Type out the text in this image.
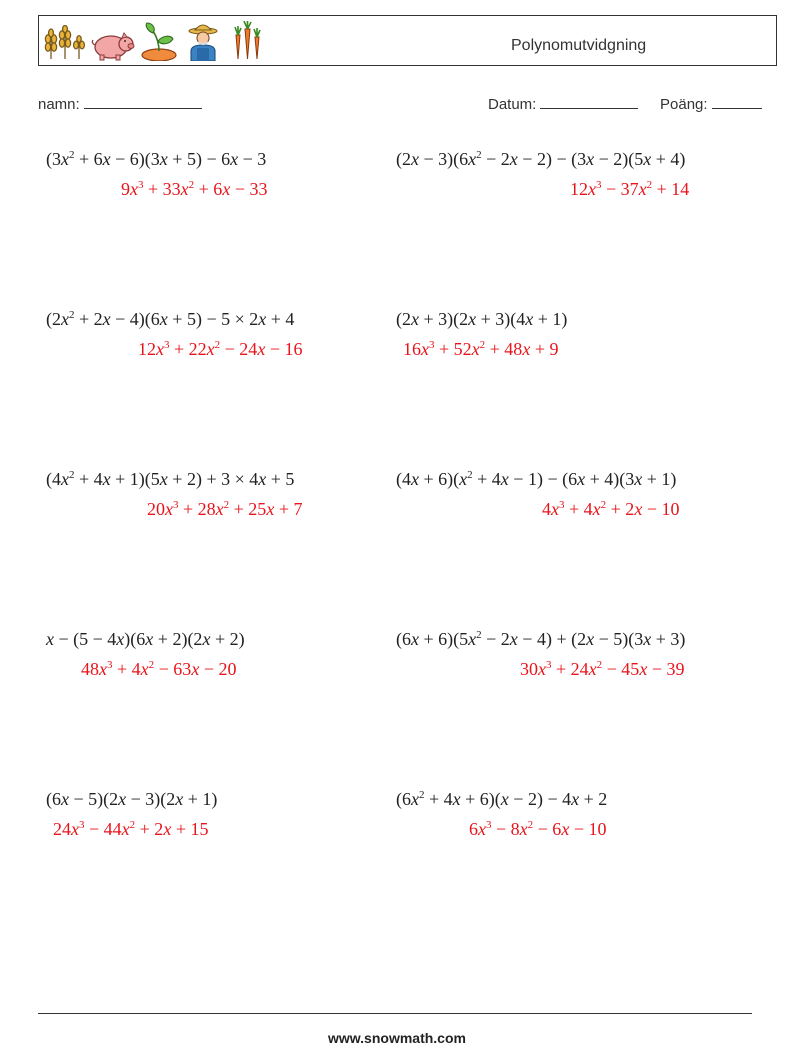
Polynomutvidgning
namn:	Datum:	Poäng:
$(3x^2 + 6x - 6)(3x + 5) - 6x - 3$
$9x^3 + 33x^2 + 6x - 33$
$(2x - 3)(6x^2 - 2x - 2) - (3x - 2)(5x + 4)$
$12x^3 - 37x^2 + 14$
$(2x^2 + 2x - 4)(6x + 5) - 5 \times 2x + 4$
$12x^3 + 22x^2 - 24x - 16$
(2x + 3)(2x + 3)(4x + 1)
$16x^3 + 52x^2 + 48x + 9$
$(4x^2 + 4x + 1)(5x + 2) + 3 \times 4x + 5$
$20x^3 + 28x^2 + 25x + 7$
$(4x + 6)(x^2 + 4x - 1) - (6x + 4)(3x + 1)$
$4x^3 + 4x^2 + 2x - 10$
x − (5 − 4x)(6x + 2)(2x + 2)
$48x^3 + 4x^2 - 63x - 20$
$(6x + 6)(5x^2 - 2x - 4) + (2x - 5)(3x + 3)$
$30x^3 + 24x^2 - 45x - 39$
(6x − 5)(2x − 3)(2x + 1)
$24x^3 - 44x^2 + 2x + 15$
$(6x^2 + 4x + 6)(x - 2) - 4x + 2$
$6x^3 - 8x^2 - 6x - 10$
www.snowmath.com
